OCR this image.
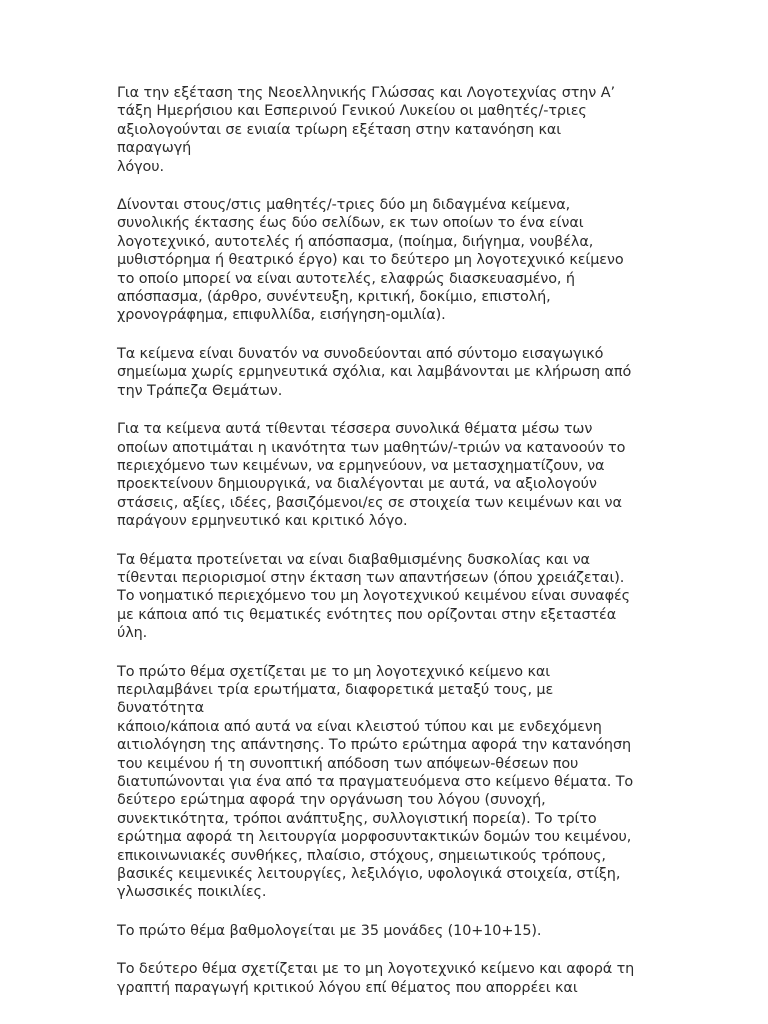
Για την εξέταση της Νεοελληνικής Γλώσσας και Λογοτεχνίας στην Α’
τάξη Ημερήσιου και Εσπερινού Γενικού Λυκείου οι μαθητές/-τριες
αξιολογούνται σε ενιαία τρίωρη εξέταση στην κατανόηση και παραγωγή
λόγου.

Δίνονται στους/στις μαθητές/-τριες δύο μη διδαγμένα κείμενα,
συνολικής έκτασης έως δύο σελίδων, εκ των οποίων το ένα είναι
λογοτεχνικό, αυτοτελές ή απόσπασμα, (ποίημα, διήγημα, νουβέλα,
μυθιστόρημα ή θεατρικό έργο) και το δεύτερο μη λογοτεχνικό κείμενο
το οποίο μπορεί να είναι αυτοτελές, ελαφρώς διασκευασμένο, ή
απόσπασμα, (άρθρο, συνέντευξη, κριτική, δοκίμιο, επιστολή,
χρονογράφημα, επιφυλλίδα, εισήγηση-ομιλία).

Τα κείμενα είναι δυνατόν να συνοδεύονται από σύντομο εισαγωγικό
σημείωμα χωρίς ερμηνευτικά σχόλια, και λαμβάνονται με κλήρωση από
την Τράπεζα Θεμάτων.

Για τα κείμενα αυτά τίθενται τέσσερα συνολικά θέματα μέσω των
οποίων αποτιμάται η ικανότητα των μαθητών/-τριών να κατανοούν το
περιεχόμενο των κειμένων, να ερμηνεύουν, να μετασχηματίζουν, να
προεκτείνουν δημιουργικά, να διαλέγονται με αυτά, να αξιολογούν
στάσεις, αξίες, ιδέες, βασιζόμενοι/ες σε στοιχεία των κειμένων και να
παράγουν ερμηνευτικό και κριτικό λόγο.

Τα θέματα προτείνεται να είναι διαβαθμισμένης δυσκολίας και να
τίθενται περιορισμοί στην έκταση των απαντήσεων (όπου χρειάζεται).
Το νοηματικό περιεχόμενο του μη λογοτεχνικού κειμένου είναι συναφές
με κάποια από τις θεματικές ενότητες που ορίζονται στην εξεταστέα
ύλη.

Το πρώτο θέμα σχετίζεται με το μη λογοτεχνικό κείμενο και
περιλαμβάνει τρία ερωτήματα, διαφορετικά μεταξύ τους, με δυνατότητα
κάποιο/κάποια από αυτά να είναι κλειστού τύπου και με ενδεχόμενη
αιτιολόγηση της απάντησης. Το πρώτο ερώτημα αφορά την κατανόηση
του κειμένου ή τη συνοπτική απόδοση των απόψεων-θέσεων που
διατυπώνονται για ένα από τα πραγματευόμενα στο κείμενο θέματα. Το
δεύτερο ερώτημα αφορά την οργάνωση του λόγου (συνοχή,
συνεκτικότητα, τρόποι ανάπτυξης, συλλογιστική πορεία). Το τρίτο
ερώτημα αφορά τη λειτουργία μορφοσυντακτικών δομών του κειμένου,
επικοινωνιακές συνθήκες, πλαίσιο, στόχους, σημειωτικούς τρόπους,
βασικές κειμενικές λειτουργίες, λεξιλόγιο, υφολογικά στοιχεία, στίξη,
γλωσσικές ποικιλίες.

Το πρώτο θέμα βαθμολογείται με 35 μονάδες (10+10+15).

Το δεύτερο θέμα σχετίζεται με το μη λογοτεχνικό κείμενο και αφορά τη
γραπτή παραγωγή κριτικού λόγου επί θέματος που απορρέει και
